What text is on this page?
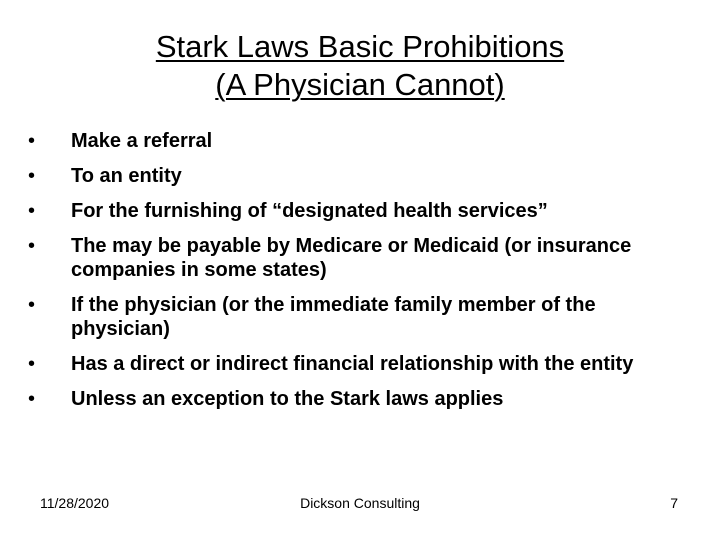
Stark Laws Basic Prohibitions
(A Physician Cannot)
• Make a referral
• To an entity
• For the furnishing of “designated health services”
• The may be payable by Medicare or Medicaid (or insurance companies in some states)
• If the physician (or the immediate family member of the physician)
• Has a direct or indirect financial relationship with the entity
• Unless an exception to the Stark laws applies
11/28/2020	Dickson Consulting	7
